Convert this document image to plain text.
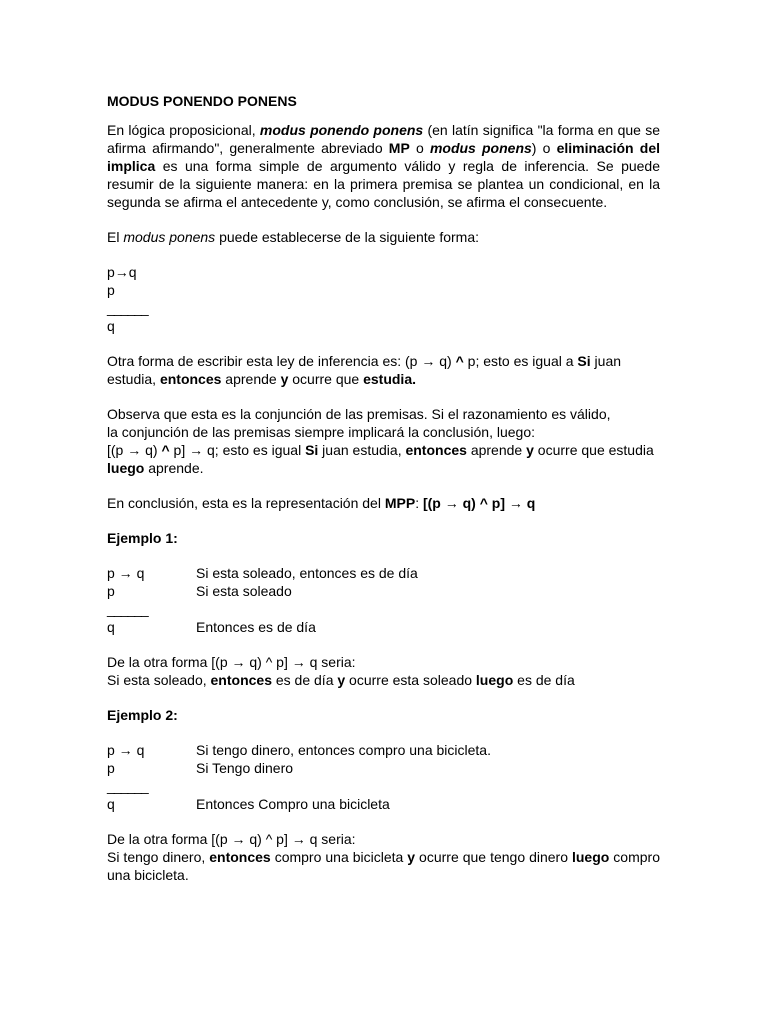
MODUS PONENDO PONENS

En lógica proposicional, modus ponendo ponens (en latín significa "la forma en que se afirma afirmando", generalmente abreviado MP o modus ponens) o eliminación del implica es una forma simple de argumento válido y regla de inferencia. Se puede resumir de la siguiente manera: en la primera premisa se plantea un condicional, en la segunda se afirma el antecedente y, como conclusión, se afirma el consecuente.

El modus ponens puede establecerse de la siguiente forma:

p→q
p
______
q

Otra forma de escribir esta ley de inferencia es: (p → q) ^ p; esto es igual a Si juan estudia, entonces aprende y ocurre que estudia.

Observa que esta es la conjunción de las premisas. Si el razonamiento es válido,
la conjunción de las premisas siempre implicará la conclusión, luego:
[(p → q) ^ p] → q; esto es igual Si juan estudia, entonces aprende y ocurre que estudia luego aprende.

En conclusión, esta es la representación del MPP: [(p → q) ^ p] → q

Ejemplo 1:

p → q	Si esta soleado, entonces es de día
p	Si esta soleado
______
q	Entonces es de día
De la otra forma [(p → q) ^ p] → q seria:
Si esta soleado, entonces es de día y ocurre esta soleado luego es de día

Ejemplo 2:

p → q	Si tengo dinero, entonces compro una bicicleta.
p	Si Tengo dinero
______
q	Entonces Compro una bicicleta
De la otra forma [(p → q) ^ p] → q seria:

Si tengo dinero, entonces compro una bicicleta y ocurre que tengo dinero luego compro una bicicleta.
